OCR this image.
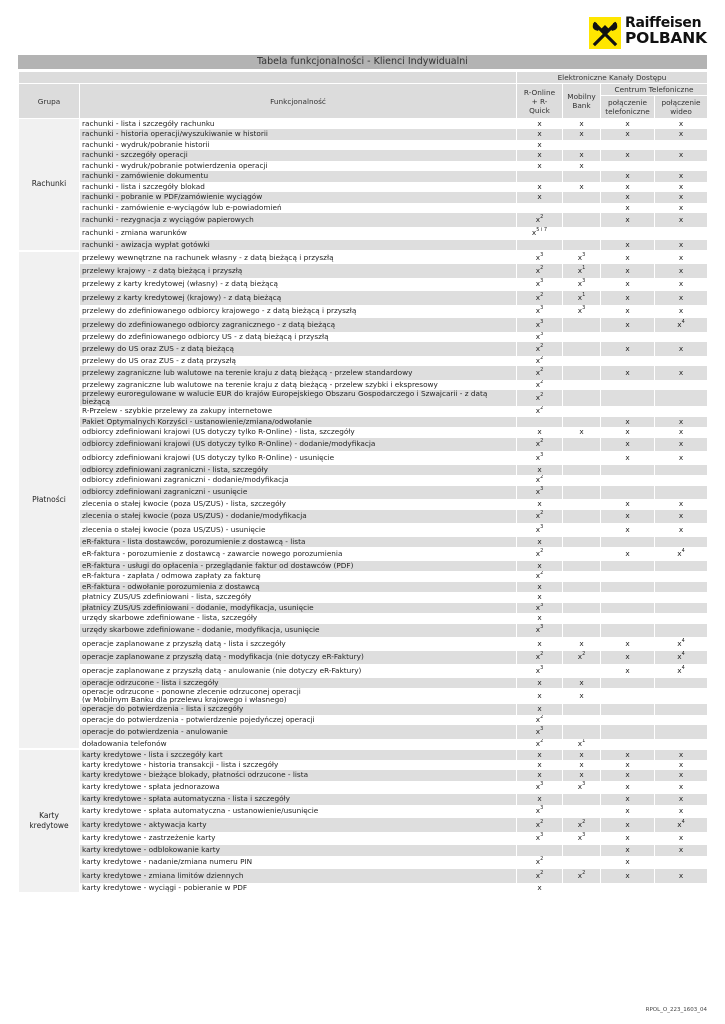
Raiffeisen
POLBANK
Tabela funkcjonalności - Klienci Indywidualni
		Elektroniczne Kanały Dostępu			
Grupa	Funkcjonalność	R-Online + R-Quick	Mobilny Bank	Centrum Telefoniczne	
				połączenie telefoniczne	połączenie wideo
Rachunki	rachunki - lista i szczegóły rachunku	x	x	x	x
	rachunki - historia operacji/wyszukiwanie w historii	x	x	x	x
	rachunki - wydruk/pobranie historii	x			
	rachunki - szczegóły operacji	x	x	x	x
	rachunki - wydruk/pobranie potwierdzenia operacji	x	x		
	rachunki - zamówienie dokumentu			x	x
	rachunki - lista i szczegóły blokad	x	x	x	x
	rachunki - pobranie w PDF/zamówienie wyciągów	x		x	x
	rachunki - zamówienie e-wyciągów lub e-powiadomień			x	x
	rachunki - rezygnacja z wyciągów papierowych	$x^2$		x	x
	rachunki - zmiana warunków	$x^{5 i 7}$			
	rachunki - awizacja wypłat gotówki			x	x
Płatności	przelewy wewnętrzne na rachunek własny - z datą bieżącą i przyszłą	$x^3$	$x^3$	x	x
	przelewy krajowy - z datą bieżącą i przyszłą	$x^2$	$x^1$	x	x
	przelewy z karty kredytowej (własny) - z datą bieżącą	$x^3$	$x^3$	x	x
	przelewy z karty kredytowej (krajowy) - z datą bieżącą	$x^2$	$x^1$	x	x
	przelewy do zdefiniowanego odbiorcy krajowego - z datą bieżącą i przyszłą	$x^3$	$x^3$	x	x
	przelewy do zdefiniowanego odbiorcy zagranicznego - z datą bieżącą	$x^3$		x	$x^4$
	przelewy do zdefiniowanego odbiorcy US - z datą bieżącą i przyszłą	$x^3$			
	przelewy do US oraz ZUS - z datą bieżącą	$x^2$		x	x
	przelewy do US oraz ZUS - z datą przyszłą	$x^2$			
	przelewy zagraniczne lub walutowe na terenie kraju z datą bieżącą - przelew standardowy	$x^2$		x	x
	przelewy zagraniczne lub walutowe na terenie kraju z datą bieżącą - przelew szybki i ekspresowy	$x^2$			
	przelewy euroregulowane w walucie EUR do krajów Europejskiego Obszaru Gospodarczego i Szwajcarii - z datą bieżącą	$x^2$			
	R-Przelew - szybkie przelewy za zakupy internetowe	$x^2$			
	Pakiet Optymalnych Korzyści - ustanowienie/zmiana/odwołanie			x	x
	odbiorcy zdefiniowani krajowi (US dotyczy tylko R-Online) - lista, szczegóły	x	x	x	x
	odbiorcy zdefiniowani krajowi (US dotyczy tylko R-Online) - dodanie/modyfikacja	$x^2$		x	x
	odbiorcy zdefiniowani krajowi (US dotyczy tylko R-Online) - usunięcie	$x^3$		x	x
	odbiorcy zdefiniowani zagraniczni - lista, szczegóły	x			
	odbiorcy zdefiniowani zagraniczni - dodanie/modyfikacja	$x^2$			
	odbiorcy zdefiniowani zagraniczni - usunięcie	$x^3$			
	zlecenia o stałej kwocie (poza US/ZUS) - lista, szczegóły	x		x	x
	zlecenia o stałej kwocie (poza US/ZUS) - dodanie/modyfikacja	$x^2$		x	x
	zlecenia o stałej kwocie (poza US/ZUS) - usunięcie	$x^3$		x	x
	eR-faktura - lista dostawców, porozumienie z dostawcą - lista	x			
	eR-faktura - porozumienie z dostawcą - zawarcie nowego porozumienia	$x^2$		x	$x^4$
	eR-faktura - usługi do opłacenia - przeglądanie faktur od dostawców (PDF)	x			
	eR-faktura - zapłata / odmowa zapłaty za fakturę	$x^2$			
	eR-faktura - odwołanie porozumienia z dostawcą	x			
	płatnicy ZUS/US zdefiniowani - lista, szczegóły	x			
	płatnicy ZUS/US zdefiniowani - dodanie, modyfikacja, usunięcie	$x^3$			
	urzędy skarbowe zdefiniowane - lista, szczegóły	x			
	urzędy skarbowe zdefiniowane - dodanie, modyfikacja, usunięcie	$x^3$			
	operacje zaplanowane z przyszłą datą - lista i szczegóły	x	x	x	$x^4$
	operacje zaplanowane z przyszłą datą - modyfikacja (nie dotyczy eR-Faktury)	$x^2$	$x^2$	x	$x^4$
	operacje zaplanowane z przyszłą datą - anulowanie (nie dotyczy eR-Faktury)	$x^3$		x	$x^4$
	operacje odrzucone - lista i szczegóły	x	x		
	operacje odrzucone - ponowne zlecenie odrzuconej operacji
(w Mobilnym Banku dla przelewu krajowego i własnego)	x	x		
	operacje do potwierdzenia - lista i szczegóły	x			
	operacje do potwierdzenia - potwierdzenie pojedyńczej operacji	$x^2$			
	operacje do potwierdzenia - anulowanie	$x^3$			
	doładowania telefonów	$x^2$	$x^1$		
Karty kredytowe	karty kredytowe - lista i szczegóły kart	x	x	x	x
	karty kredytowe - historia transakcji - lista i szczegóły	x	x	x	x
	karty kredytowe - bieżące blokady, płatności odrzucone - lista	x	x	x	x
	karty kredytowe - spłata jednorazowa	$x^3$	$x^3$	x	x
	karty kredytowe - spłata automatyczna - lista i szczegóły	x		x	x
	karty kredytowe - spłata automatyczna - ustanowienie/usunięcie	$x^3$		x	x
	karty kredytowe - aktywacja karty	$x^2$	$x^2$	x	$x^4$
	karty kredytowe - zastrzeżenie karty	$x^3$	$x^3$	x	x
	karty kredytowe - odblokowanie karty			x	x
	karty kredytowe - nadanie/zmiana numeru PIN	$x^2$		x	
	karty kredytowe - zmiana limitów dziennych	$x^2$	$x^2$	x	x
	karty kredytowe - wyciągi - pobieranie w PDF	x			
RPOL_O_223_1603_04
